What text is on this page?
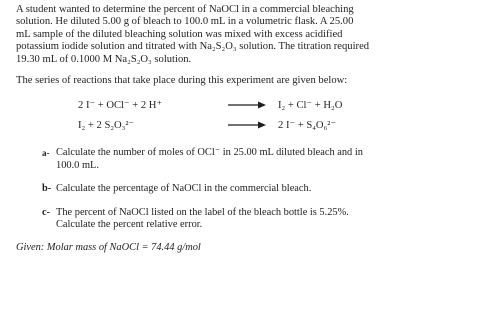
A student wanted to determine the percent of NaOCl in a commercial bleaching
solution. He diluted 5.00 g of bleach to 100.0 mL in a volumetric flask. A 25.00
mL sample of the diluted bleaching solution was mixed with excess acidified
potassium iodide solution and titrated with Na₂S₂O₃ solution. The titration required
19.30 mL of 0.1000 M Na₂S₂O₃ solution.

The series of reactions that take place during this experiment are given below:

2 I⁻ + OCl⁻ + 2 H⁺	I₂ + Cl⁻ + H₂O
I₂ + 2 S₂O₃²⁻	2 I⁻ + S₄O₆²⁻
a- Calculate the number of moles of OCl⁻ in 25.00 mL diluted bleach and in
100.0 mL.
b- Calculate the percentage of NaOCl in the commercial bleach.
c- The percent of NaOCl listed on the label of the bleach bottle is 5.25%.
Calculate the percent relative error.

Given: Molar mass of NaOCl = 74.44 g/mol
